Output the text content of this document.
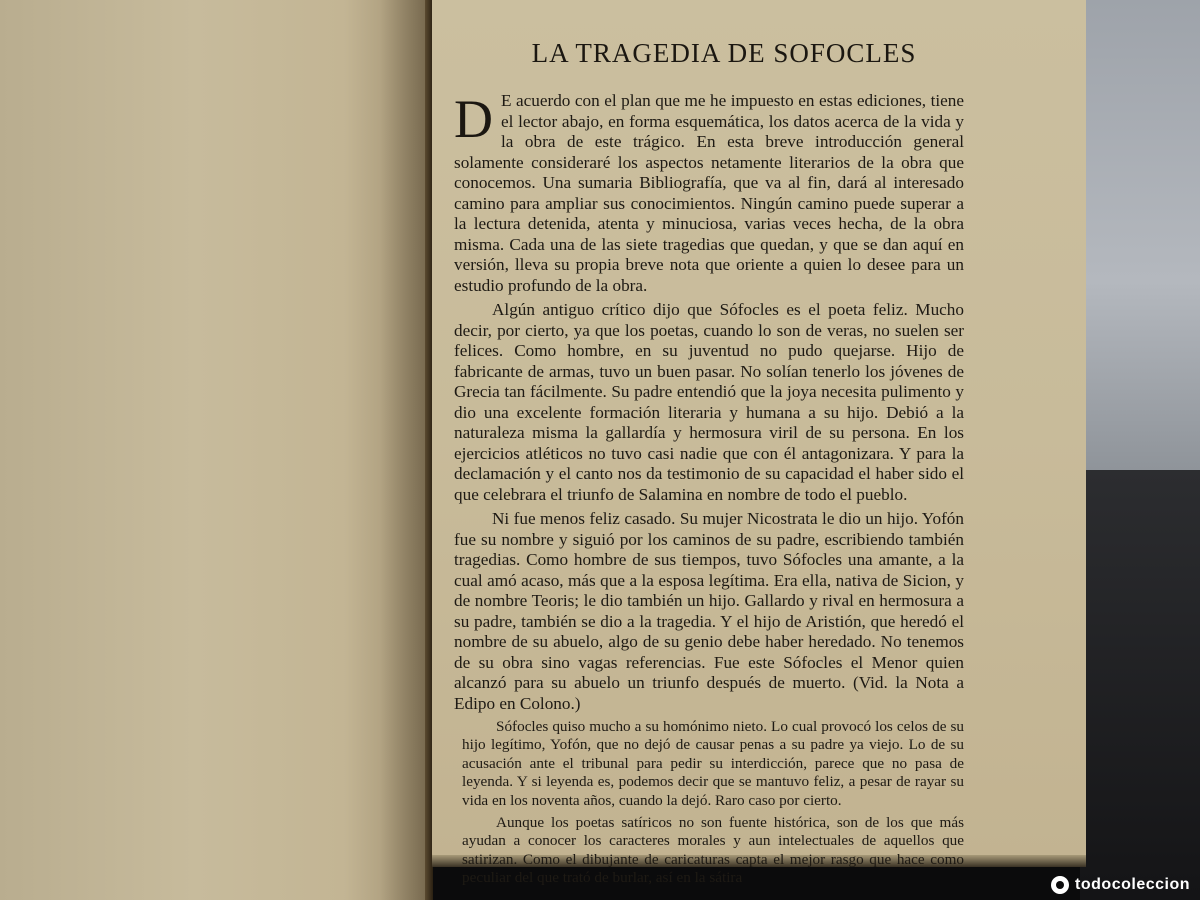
LA TRAGEDIA DE SOFOCLES

D E acuerdo con el plan que me he impuesto en estas ediciones, tiene el lector abajo, en forma esquemática, los datos acerca de la vida y la obra de este trágico. En esta breve introducción general solamente consideraré los aspectos netamente literarios de la obra que conocemos. Una sumaria Bibliografía, que va al fin, dará al interesado camino para ampliar sus conocimientos. Ningún camino puede superar a la lectura detenida, atenta y minuciosa, varias veces hecha, de la obra misma. Cada una de las siete tragedias que quedan, y que se dan aquí en versión, lleva su propia breve nota que oriente a quien lo desee para un estudio profundo de la obra.

Algún antiguo crítico dijo que Sófocles es el poeta feliz. Mucho decir, por cierto, ya que los poetas, cuando lo son de veras, no suelen ser felices. Como hombre, en su juventud no pudo quejarse. Hijo de fabricante de armas, tuvo un buen pasar. No solían tenerlo los jóvenes de Grecia tan fácilmente. Su padre entendió que la joya necesita pulimento y dio una excelente formación literaria y humana a su hijo. Debió a la naturaleza misma la gallardía y hermosura viril de su persona. En los ejercicios atléticos no tuvo casi nadie que con él antagonizara. Y para la declamación y el canto nos da testimonio de su capacidad el haber sido el que celebrara el triunfo de Salamina en nombre de todo el pueblo.

Ni fue menos feliz casado. Su mujer Nicostrata le dio un hijo. Yofón fue su nombre y siguió por los caminos de su padre, escribiendo también tragedias. Como hombre de sus tiempos, tuvo Sófocles una amante, a la cual amó acaso, más que a la esposa legítima. Era ella, nativa de Sicion, y de nombre Teoris; le dio también un hijo. Gallardo y rival en hermosura a su padre, también se dio a la tragedia. Y el hijo de Aristión, que heredó el nombre de su abuelo, algo de su genio debe haber heredado. No tenemos de su obra sino vagas referencias. Fue este Sófocles el Menor quien alcanzó para su abuelo un triunfo después de muerto. (Vid. la Nota a Edipo en Colono.)

Sófocles quiso mucho a su homónimo nieto. Lo cual provocó los celos de su hijo legítimo, Yofón, que no dejó de causar penas a su padre ya viejo. Lo de su acusación ante el tribunal para pedir su interdicción, parece que no pasa de leyenda. Y si leyenda es, podemos decir que se mantuvo feliz, a pesar de rayar su vida en los noventa años, cuando la dejó. Raro caso por cierto.

Aunque los poetas satíricos no son fuente histórica, son de los que más ayudan a conocer los caracteres morales y aun intelectuales de aquellos que satirizan. Como el dibujante de caricaturas capta el mejor rasgo que hace como peculiar del que trató de burlar, así en la sátira	todocoleccion
